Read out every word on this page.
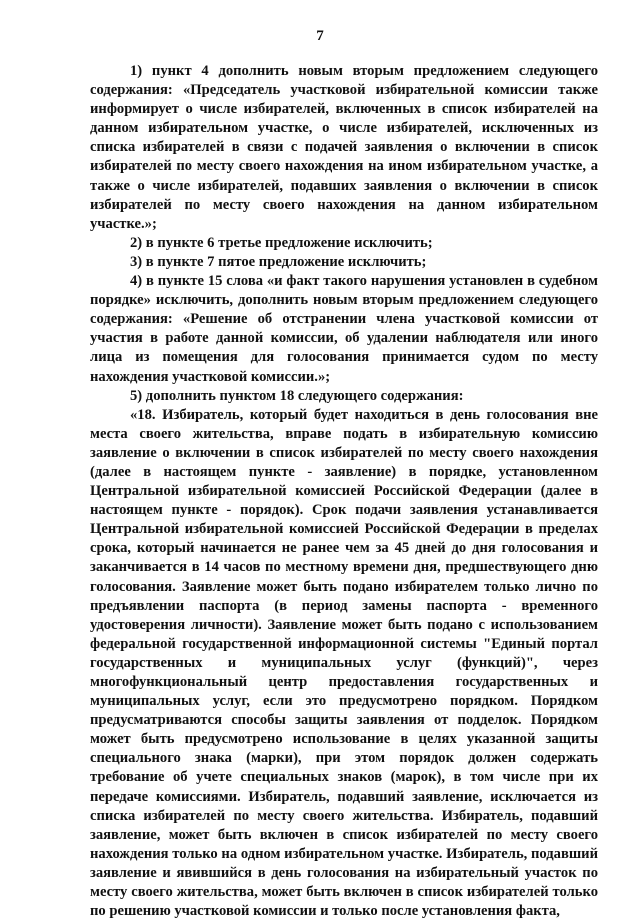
7

1) пункт 4 дополнить новым вторым предложением следующего содержания: «Председатель участковой избирательной комиссии также информирует о числе избирателей, включенных в список избирателей на данном избирательном участке, о числе избирателей, исключенных из списка избирателей в связи с подачей заявления о включении в список избирателей по месту своего нахождения на ином избирательном участке, а также о числе избирателей, подавших заявления о включении в список избирателей по месту своего нахождения на данном избирательном участке.»;

2) в пункте 6 третье предложение исключить;

3) в пункте 7 пятое предложение исключить;

4) в пункте 15 слова «и факт такого нарушения установлен в судебном порядке» исключить, дополнить новым вторым предложением следующего содержания: «Решение об отстранении члена участковой комиссии от участия в работе данной комиссии, об удалении наблюдателя или иного лица из помещения для голосования принимается судом по месту нахождения участковой комиссии.»;

5) дополнить пунктом 18 следующего содержания:

«18. Избиратель, который будет находиться в день голосования вне места своего жительства, вправе подать в избирательную комиссию заявление о включении в список избирателей по месту своего нахождения (далее в настоящем пункте - заявление) в порядке, установленном Центральной избирательной комиссией Российской Федерации (далее в настоящем пункте - порядок). Срок подачи заявления устанавливается Центральной избирательной комиссией Российской Федерации в пределах срока, который начинается не ранее чем за 45 дней до дня голосования и заканчивается в 14 часов по местному времени дня, предшествующего дню голосования. Заявление может быть подано избирателем только лично по предъявлении паспорта (в период замены паспорта - временного удостоверения личности). Заявление может быть подано с использованием федеральной государственной информационной системы "Единый портал государственных и муниципальных услуг (функций)", через многофункциональный центр предоставления государственных и муниципальных услуг, если это предусмотрено порядком. Порядком предусматриваются способы защиты заявления от подделок. Порядком может быть предусмотрено использование в целях указанной защиты специального знака (марки), при этом порядок должен содержать требование об учете специальных знаков (марок), в том числе при их передаче комиссиями. Избиратель, подавший заявление, исключается из списка избирателей по месту своего жительства. Избиратель, подавший заявление, может быть включен в список избирателей по месту своего нахождения только на одном избирательном участке. Избиратель, подавший заявление и явившийся в день голосования на избирательный участок по месту своего жительства, может быть включен в список избирателей только по решению участковой комиссии и только после установления факта,
